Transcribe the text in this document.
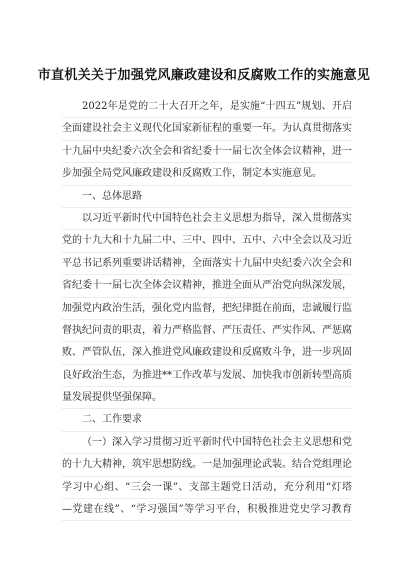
市直机关关于加强党风廉政建设和反腐败工作的实施意见
2022年是党的二十大召开之年，是实施“十四五”规划、开启
全面建设社会主义现代化国家新征程的重要一年。为认真贯彻落实
十九届中央纪委六次全会和省纪委十一届七次全体会议精神，进一
步加强全局党风廉政建设和反腐败工作，制定本实施意见。
一、总体思路
以习近平新时代中国特色社会主义思想为指导，深入贯彻落实
党的十九大和十九届二中、三中、四中、五中、六中全会以及习近
平总书记系列重要讲话精神，全面落实十九届中央纪委六次全会和
省纪委十一届七次全体会议精神，推进全面从严治党向纵深发展，
加强党内政治生活，强化党内监督，把纪律挺在前面，忠诚履行监
督执纪问责的职责，着力严格监督、严压责任、严实作风、严惩腐
败、严管队伍，深入推进党风廉政建设和反腐败斗争，进一步巩固
良好政治生态，为推进**工作改革与发展、加快我市创新转型高质
量发展提供坚强保障。
二、工作要求
（一）深入学习贯彻习近平新时代中国特色社会主义思想和党
的十九大精神，筑牢思想防线。一是加强理论武装。结合党组理论
学习中心组、“三会一课”、支部主题党日活动，充分利用“灯塔
—党建在线”、“学习强国”等学习平台，积极推进党史学习教育
